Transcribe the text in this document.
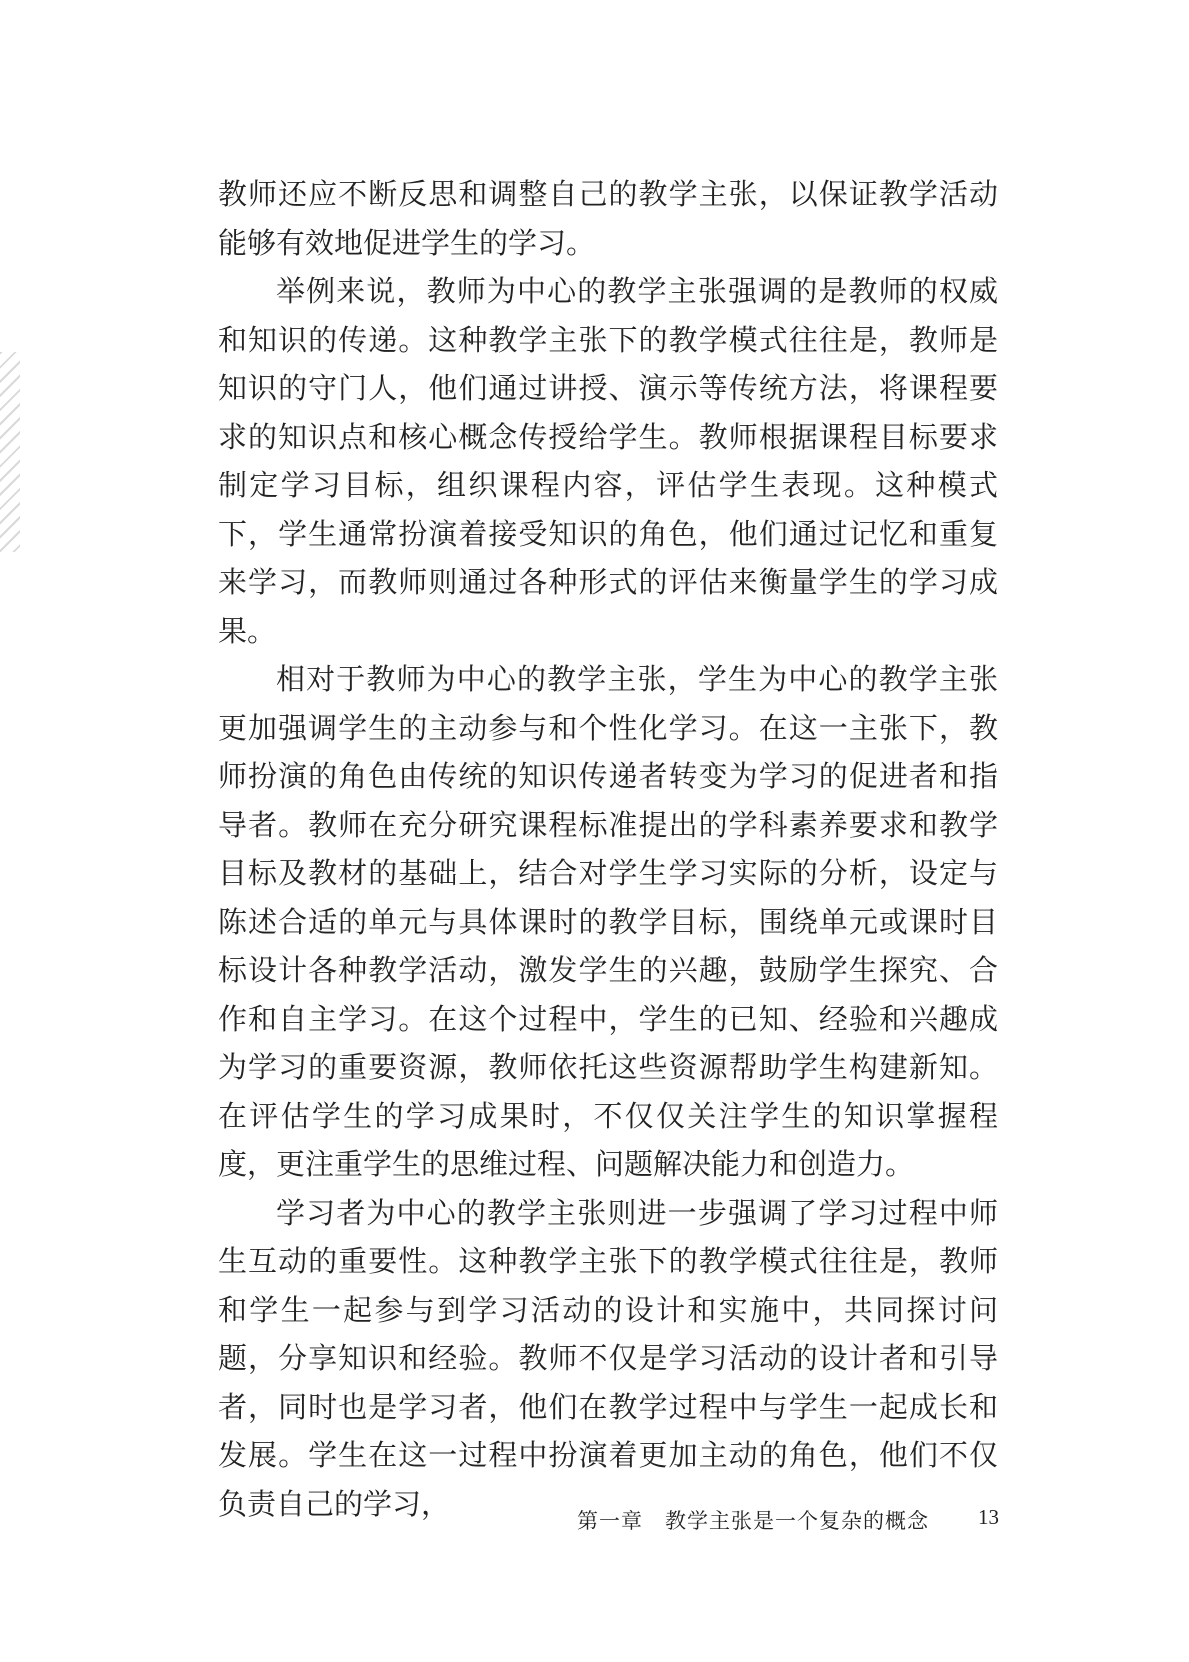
教师还应不断反思和调整自己的教学主张，以保证教学活动能够有效地促进学生的学习。

举例来说，教师为中心的教学主张强调的是教师的权威和知识的传递。这种教学主张下的教学模式往往是，教师是知识的守门人，他们通过讲授、演示等传统方法，将课程要求的知识点和核心概念传授给学生。教师根据课程目标要求制定学习目标，组织课程内容，评估学生表现。这种模式下，学生通常扮演着接受知识的角色，他们通过记忆和重复来学习，而教师则通过各种形式的评估来衡量学生的学习成果。

相对于教师为中心的教学主张，学生为中心的教学主张更加强调学生的主动参与和个性化学习。在这一主张下，教师扮演的角色由传统的知识传递者转变为学习的促进者和指导者。教师在充分研究课程标准提出的学科素养要求和教学目标及教材的基础上，结合对学生学习实际的分析，设定与陈述合适的单元与具体课时的教学目标，围绕单元或课时目标设计各种教学活动，激发学生的兴趣，鼓励学生探究、合作和自主学习。在这个过程中，学生的已知、经验和兴趣成为学习的重要资源，教师依托这些资源帮助学生构建新知。在评估学生的学习成果时，不仅仅关注学生的知识掌握程度，更注重学生的思维过程、问题解决能力和创造力。

学习者为中心的教学主张则进一步强调了学习过程中师生互动的重要性。这种教学主张下的教学模式往往是，教师和学生一起参与到学习活动的设计和实施中，共同探讨问题，分享知识和经验。教师不仅是学习活动的设计者和引导者，同时也是学习者，他们在教学过程中与学生一起成长和发展。学生在这一过程中扮演着更加主动的角色，他们不仅负责自己的学习，

第一章　教学主张是一个复杂的概念 13
